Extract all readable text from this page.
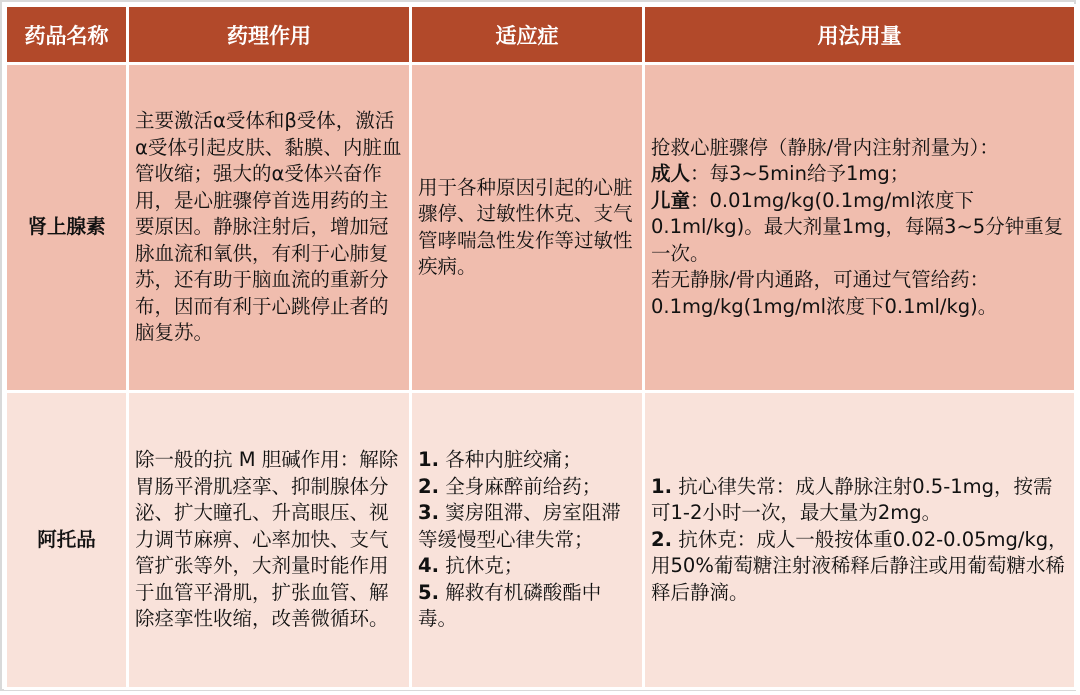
药品名称	药理作用	适应症	用法用量
肾上腺素	主要激活α受体和β受体，激活α受体引起皮肤、黏膜、内脏血管收缩；强大的α受体兴奋作用，是心脏骤停首选用药的主要原因。静脉注射后，增加冠脉血流和氧供，有利于心肺复苏，还有助于脑血流的重新分布，因而有利于心跳停止者的脑复苏。	用于各种原因引起的心脏骤停、过敏性休克、支气管哮喘急性发作等过敏性疾病。	抢救心脏骤停（静脉/骨内注射剂量为）：
成人：每3~5min给予1mg；
儿童：0.01mg/kg(0.1mg/ml浓度下0.1ml/kg)。最大剂量1mg，每隔3~5分钟重复一次。
若无静脉/骨内通路，可通过气管给药：0.1mg/kg(1mg/ml浓度下0.1ml/kg)。

阿托品	除一般的抗 M 胆碱作用：解除胃肠平滑肌痉挛、抑制腺体分泌、扩大瞳孔、升高眼压、视力调节麻痹、心率加快、支气管扩张等外，大剂量时能作用于血管平滑肌，扩张血管、解除痉挛性收缩，改善微循环。	1. 各种内脏绞痛；
2. 全身麻醉前给药；
3. 窦房阻滞、房室阻滞等缓慢型心律失常；
4. 抗休克；
5. 解救有机磷酸酯中毒。	1. 抗心律失常：成人静脉注射0.5-1mg，按需可1-2小时一次，最大量为2mg。
2. 抗休克：成人一般按体重0.02-0.05mg/kg，用50%葡萄糖注射液稀释后静注或用葡萄糖水稀释后静滴。
